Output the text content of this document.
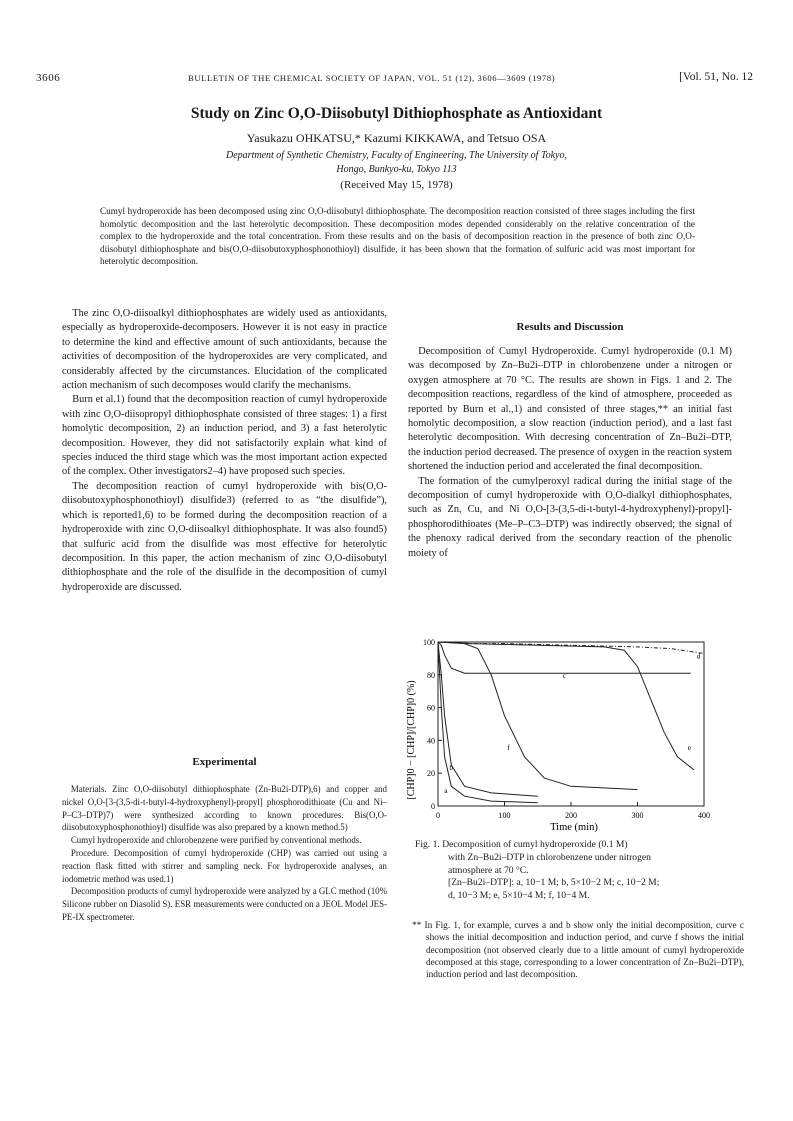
3606	BULLETIN OF THE CHEMICAL SOCIETY OF JAPAN, VOL. 51 (12), 3606—3609 (1978)	[Vol. 51, No. 12
Study on Zinc O,O-Diisobutyl Dithiophosphate as Antioxidant
Yasukazu OHKATSU,* Kazumi KIKKAWA, and Tetsuo OSA
Department of Synthetic Chemistry, Faculty of Engineering, The University of Tokyo,
Hongo, Bunkyo-ku, Tokyo 113
(Received May 15, 1978)
Cumyl hydroperoxide has been decomposed using zinc O,O-diisobutyl dithiophosphate. The decomposition reaction consisted of three stages including the first homolytic decomposition and the last heterolytic decomposition. These decomposition modes depended considerably on the relative concentration of the complex to the hydroperoxide and the total concentration. From these results and on the basis of decomposition reaction in the presence of both zinc O,O-diisobutyl dithiophosphate and bis(O,O-diisobutoxyphosphonothioyl) disulfide, it has been shown that the formation of sulfuric acid was most important for heterolytic decomposition.

The zinc O,O-diisoalkyl dithiophosphates are widely used as antioxidants, especially as hydroperoxide-decomposers. However it is not easy in practice to determine the kind and effective amount of such antioxidants, because the activities of decomposition of the hydroperoxides are very complicated, and considerably affected by the circumstances. Elucidation of the complicated action mechanism of such decomposes would clarify the mechanisms.

Burn et al.1) found that the decomposition reaction of cumyl hydroperoxide with zinc O,O-diisopropyl dithiophosphate consisted of three stages: 1) a first homolytic decomposition, 2) an induction period, and 3) a fast heterolytic decomposition. However, they did not satisfactorily explain what kind of species induced the third stage which was the most important action expected of the complex. Other investigators2–4) have proposed such species.

The decomposition reaction of cumyl hydroperoxide with bis(O,O-diisobutoxyphosphonothioyl) disulfide3) (referred to as “the disulfide”), which is reported1,6) to be formed during the decomposition reaction of a hydroperoxide with zinc O,O-diisoalkyl dithiophosphate. It was also found5) that sulfuric acid from the disulfide was most effective for heterolytic decomposition. In this paper, the action mechanism of zinc O,O-diisobutyl dithiophosphate and the role of the disulfide in the decomposition of cumyl hydroperoxide are discussed.

Experimental

Materials. Zinc O,O-diisobutyl dithiophosphate (Zn-Bu2i-DTP),6) and copper and nickel O,O-[3-(3,5-di-t-butyl-4-hydroxyphenyl)-propyl] phosphorodithioate (Cu and Ni–P–C3–DTP)7) were synthesized according to known procedures. Bis(O,O-diisobutoxyphosphonothioyl) disulfide was also prepared by a known method.5)

Cumyl hydroperoxide and chlorobenzene were purified by conventional methods.

Procedure. Decomposition of cumyl hydroperoxide (CHP) was carried out using a reaction flask fitted with stirrer and sampling neck. For hydroperoxide analyses, an iodometric method was used.1)

Decomposition products of cumyl hydroperoxide were analyzed by a GLC method (10% Silicone rubber on Diasolid S). ESR measurements were conducted on a JEOL Model JES-PE-IX spectrometer.

Results and Discussion

Decomposition of Cumyl Hydroperoxide. Cumyl hydroperoxide (0.1 M) was decomposed by Zn–Bu2i–DTP in chlorobenzene under a nitrogen or oxygen atmosphere at 70 °C. The results are shown in Figs. 1 and 2. The decomposition reactions, regardless of the kind of atmosphere, proceeded as reported by Burn et al.,1) and consisted of three stages,** an initial fast homolytic decomposition, a slow reaction (induction period), and a last fast heterolytic decomposition. With decresing concentration of Zn–Bu2i–DTP, the induction period decreased. The presence of oxygen in the reaction system shortened the induction period and accelerated the final decomposition.

The formation of the cumylperoxyl radical during the initial stage of the decomposition of cumyl hydroperoxide with O,O-dialkyl dithiophosphates, such as Zn, Cu, and Ni O,O-[3-(3,5-di-t-butyl-4-hydroxyphenyl)-propyl]-phosphorodithioates (Me–P–C3–DTP) was indirectly observed; the signal of the phenoxy radical derived from the secondary reaction of the phenolic moiety of

0
20
40
60
80
100
0	100	200	300	400
a
b
c
d
e
f
[CHP]0 − [CHP]/[CHP]0 (%)
Time (min)
Fig. 1. Decomposition of cumyl hydroperoxide (0.1 M)
with Zn–Bu2i–DTP in chlorobenzene under nitrogen
atmosphere at 70 °C.
[Zn–Bu2i–DTP]: a, 10−1 M; b, 5×10−2 M; c, 10−2 M;
d, 10−3 M; e, 5×10−4 M; f, 10−4 M.
** In Fig. 1, for example, curves a and b show only the initial decomposition, curve c shows the initial decomposition and induction period, and curve f shows the initial decomposition (not observed clearly due to a little amount of cumyl hydroperoxide decomposed at this stage, corresponding to a lower concentration of Zn–Bu2i–DTP), induction period and last decomposition.
